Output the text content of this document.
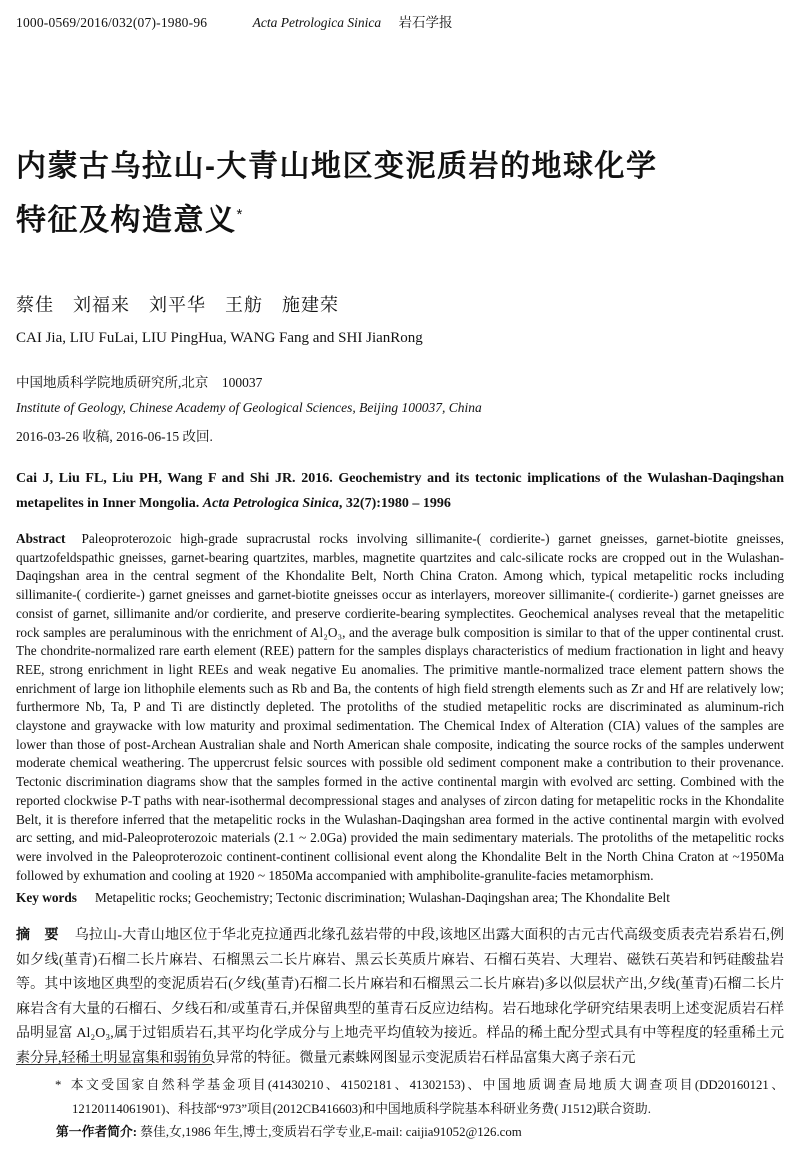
1000-0569/2016/032(07)-1980-96	Acta Petrologica Sinica 岩石学报
内蒙古乌拉山-大青山地区变泥质岩的地球化学
特征及构造意义*
蔡佳　刘福来　刘平华　王舫　施建荣
CAI Jia, LIU FuLai, LIU PingHua, WANG Fang and SHI JianRong
中国地质科学院地质研究所,北京　100037
Institute of Geology, Chinese Academy of Geological Sciences, Beijing 100037, China
2016-03-26 收稿, 2016-06-15 改回.
Cai J, Liu FL, Liu PH, Wang F and Shi JR. 2016. Geochemistry and its tectonic implications of the Wulashan-Daqingshan metapelites in Inner Mongolia. Acta Petrologica Sinica, 32(7):1980 – 1996
Abstract Paleoproterozoic high-grade supracrustal rocks involving sillimanite-( cordierite-) garnet gneisses, garnet-biotite gneisses, quartzofeldspathic gneisses, garnet-bearing quartzites, marbles, magnetite quartzites and calc-silicate rocks are cropped out in the Wulashan-Daqingshan area in the central segment of the Khondalite Belt, North China Craton. Among which, typical metapelitic rocks including sillimanite-( cordierite-) garnet gneisses and garnet-biotite gneisses occur as interlayers, moreover sillimanite-( cordierite-) garnet gneisses are consist of garnet, sillimanite and/or cordierite, and preserve cordierite-bearing symplectites. Geochemical analyses reveal that the metapelitic rock samples are peraluminous with the enrichment of Al₂O₃, and the average bulk composition is similar to that of the upper continental crust. The chondrite-normalized rare earth element (REE) pattern for the samples displays characteristics of medium fractionation in light and heavy REE, strong enrichment in light REEs and weak negative Eu anomalies. The primitive mantle-normalized trace element pattern shows the enrichment of large ion lithophile elements such as Rb and Ba, the contents of high field strength elements such as Zr and Hf are relatively low; furthermore Nb, Ta, P and Ti are distinctly depleted. The protoliths of the studied metapelitic rocks are discriminated as aluminum-rich claystone and graywacke with low maturity and proximal sedimentation. The Chemical Index of Alteration (CIA) values of the samples are lower than those of post-Archean Australian shale and North American shale composite, indicating the source rocks of the samples underwent moderate chemical weathering. The uppercrust felsic sources with possible old sediment component make a contribution to their provenance. Tectonic discrimination diagrams show that the samples formed in the active continental margin with evolved arc setting. Combined with the reported clockwise P-T paths with near-isothermal decompressional stages and analyses of zircon dating for metapelitic rocks in the Khondalite Belt, it is therefore inferred that the metapelitic rocks in the Wulashan-Daqingshan area formed in the active continental margin with evolved arc setting, and mid-Paleoproterozoic materials (2.1 ~ 2.0Ga) provided the main sedimentary materials. The protoliths of the metapelitic rocks were involved in the Paleoproterozoic continent-continent collisional event along the Khondalite Belt in the North China Craton at ~1950Ma followed by exhumation and cooling at 1920 ~ 1850Ma accompanied with amphibolite-granulite-facies metamorphism.
Key words Metapelitic rocks; Geochemistry; Tectonic discrimination; Wulashan-Daqingshan area; The Khondalite Belt
摘　要 乌拉山-大青山地区位于华北克拉通西北缘孔兹岩带的中段,该地区出露大面积的古元古代高级变质表壳岩系岩石,例如夕线(堇青)石榴二长片麻岩、石榴黑云二长片麻岩、黑云长英质片麻岩、石榴石英岩、大理岩、磁铁石英岩和钙硅酸盐岩等。其中该地区典型的变泥质岩石(夕线(堇青)石榴二长片麻岩和石榴黑云二长片麻岩)多以似层状产出,夕线(堇青)石榴二长片麻岩含有大量的石榴石、夕线石和/或堇青石,并保留典型的堇青石反应边结构。岩石地球化学研究结果表明上述变泥质岩石样品明显富 Al₂O₃,属于过铝质岩石,其平均化学成分与上地壳平均值较为接近。样品的稀土配分型式具有中等程度的轻重稀土元素分异,轻稀土明显富集和弱铕负异常的特征。微量元素蛛网图显示变泥质岩石样品富集大离子亲石元

* 本文受国家自然科学基金项目(41430210、41502181、41302153)、中国地质调查局地质大调查项目(DD20160121、12120114061901)、科技部“973”项目(2012CB416603)和中国地质科学院基本科研业务费( J1512)联合资助.

第一作者简介: 蔡佳,女,1986 年生,博士,变质岩石学专业,E-mail: caijia91052@126.com
